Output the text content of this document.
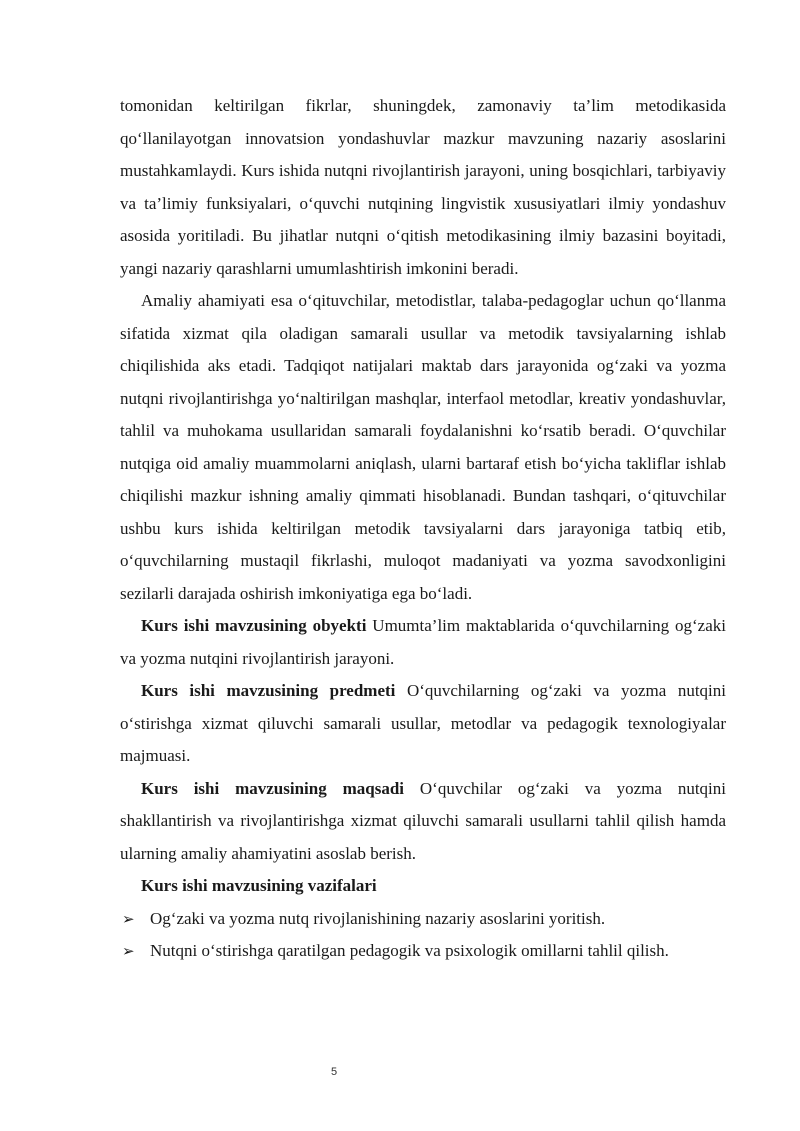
tomonidan keltirilgan fikrlar, shuningdek, zamonaviy ta’lim metodikasida qo‘llanilayotgan innovatsion yondashuvlar mazkur mavzuning nazariy asoslarini mustahkamlaydi. Kurs ishida nutqni rivojlantirish jarayoni, uning bosqichlari, tarbiyaviy va ta’limiy funksiyalari, o‘quvchi nutqining lingvistik xususiyatlari ilmiy yondashuv asosida yoritiladi. Bu jihatlar nutqni o‘qitish metodikasining ilmiy bazasini boyitadi, yangi nazariy qarashlarni umumlashtirish imkonini beradi.

Amaliy ahamiyati esa o‘qituvchilar, metodistlar, talaba-pedagoglar uchun qo‘llanma sifatida xizmat qila oladigan samarali usullar va metodik tavsiyalarning ishlab chiqilishida aks etadi. Tadqiqot natijalari maktab dars jarayonida og‘zaki va yozma nutqni rivojlantirishga yo‘naltirilgan mashqlar, interfaol metodlar, kreativ yondashuvlar, tahlil va muhokama usullaridan samarali foydalanishni ko‘rsatib beradi. O‘quvchilar nutqiga oid amaliy muammolarni aniqlash, ularni bartaraf etish bo‘yicha takliflar ishlab chiqilishi mazkur ishning amaliy qimmati hisoblanadi. Bundan tashqari, o‘qituvchilar ushbu kurs ishida keltirilgan metodik tavsiyalarni dars jarayoniga tatbiq etib, o‘quvchilarning mustaqil fikrlashi, muloqot madaniyati va yozma savodxonligini sezilarli darajada oshirish imkoniyatiga ega bo‘ladi.

Kurs ishi mavzusining obyekti Umumta’lim maktablarida o‘quvchilarning og‘zaki va yozma nutqini rivojlantirish jarayoni.

Kurs ishi mavzusining predmeti O‘quvchilarning og‘zaki va yozma nutqini o‘stirishga xizmat qiluvchi samarali usullar, metodlar va pedagogik texnologiyalar majmuasi.

Kurs ishi mavzusining maqsadi O‘quvchilar og‘zaki va yozma nutqini shakllantirish va rivojlantirishga xizmat qiluvchi samarali usullarni tahlil qilish hamda ularning amaliy ahamiyatini asoslab berish.

Kurs ishi mavzusining vazifalari

➢ Og‘zaki va yozma nutq rivojlanishining nazariy asoslarini yoritish.
➢ Nutqni o‘stirishga qaratilgan pedagogik va psixologik omillarni tahlil qilish.
5
